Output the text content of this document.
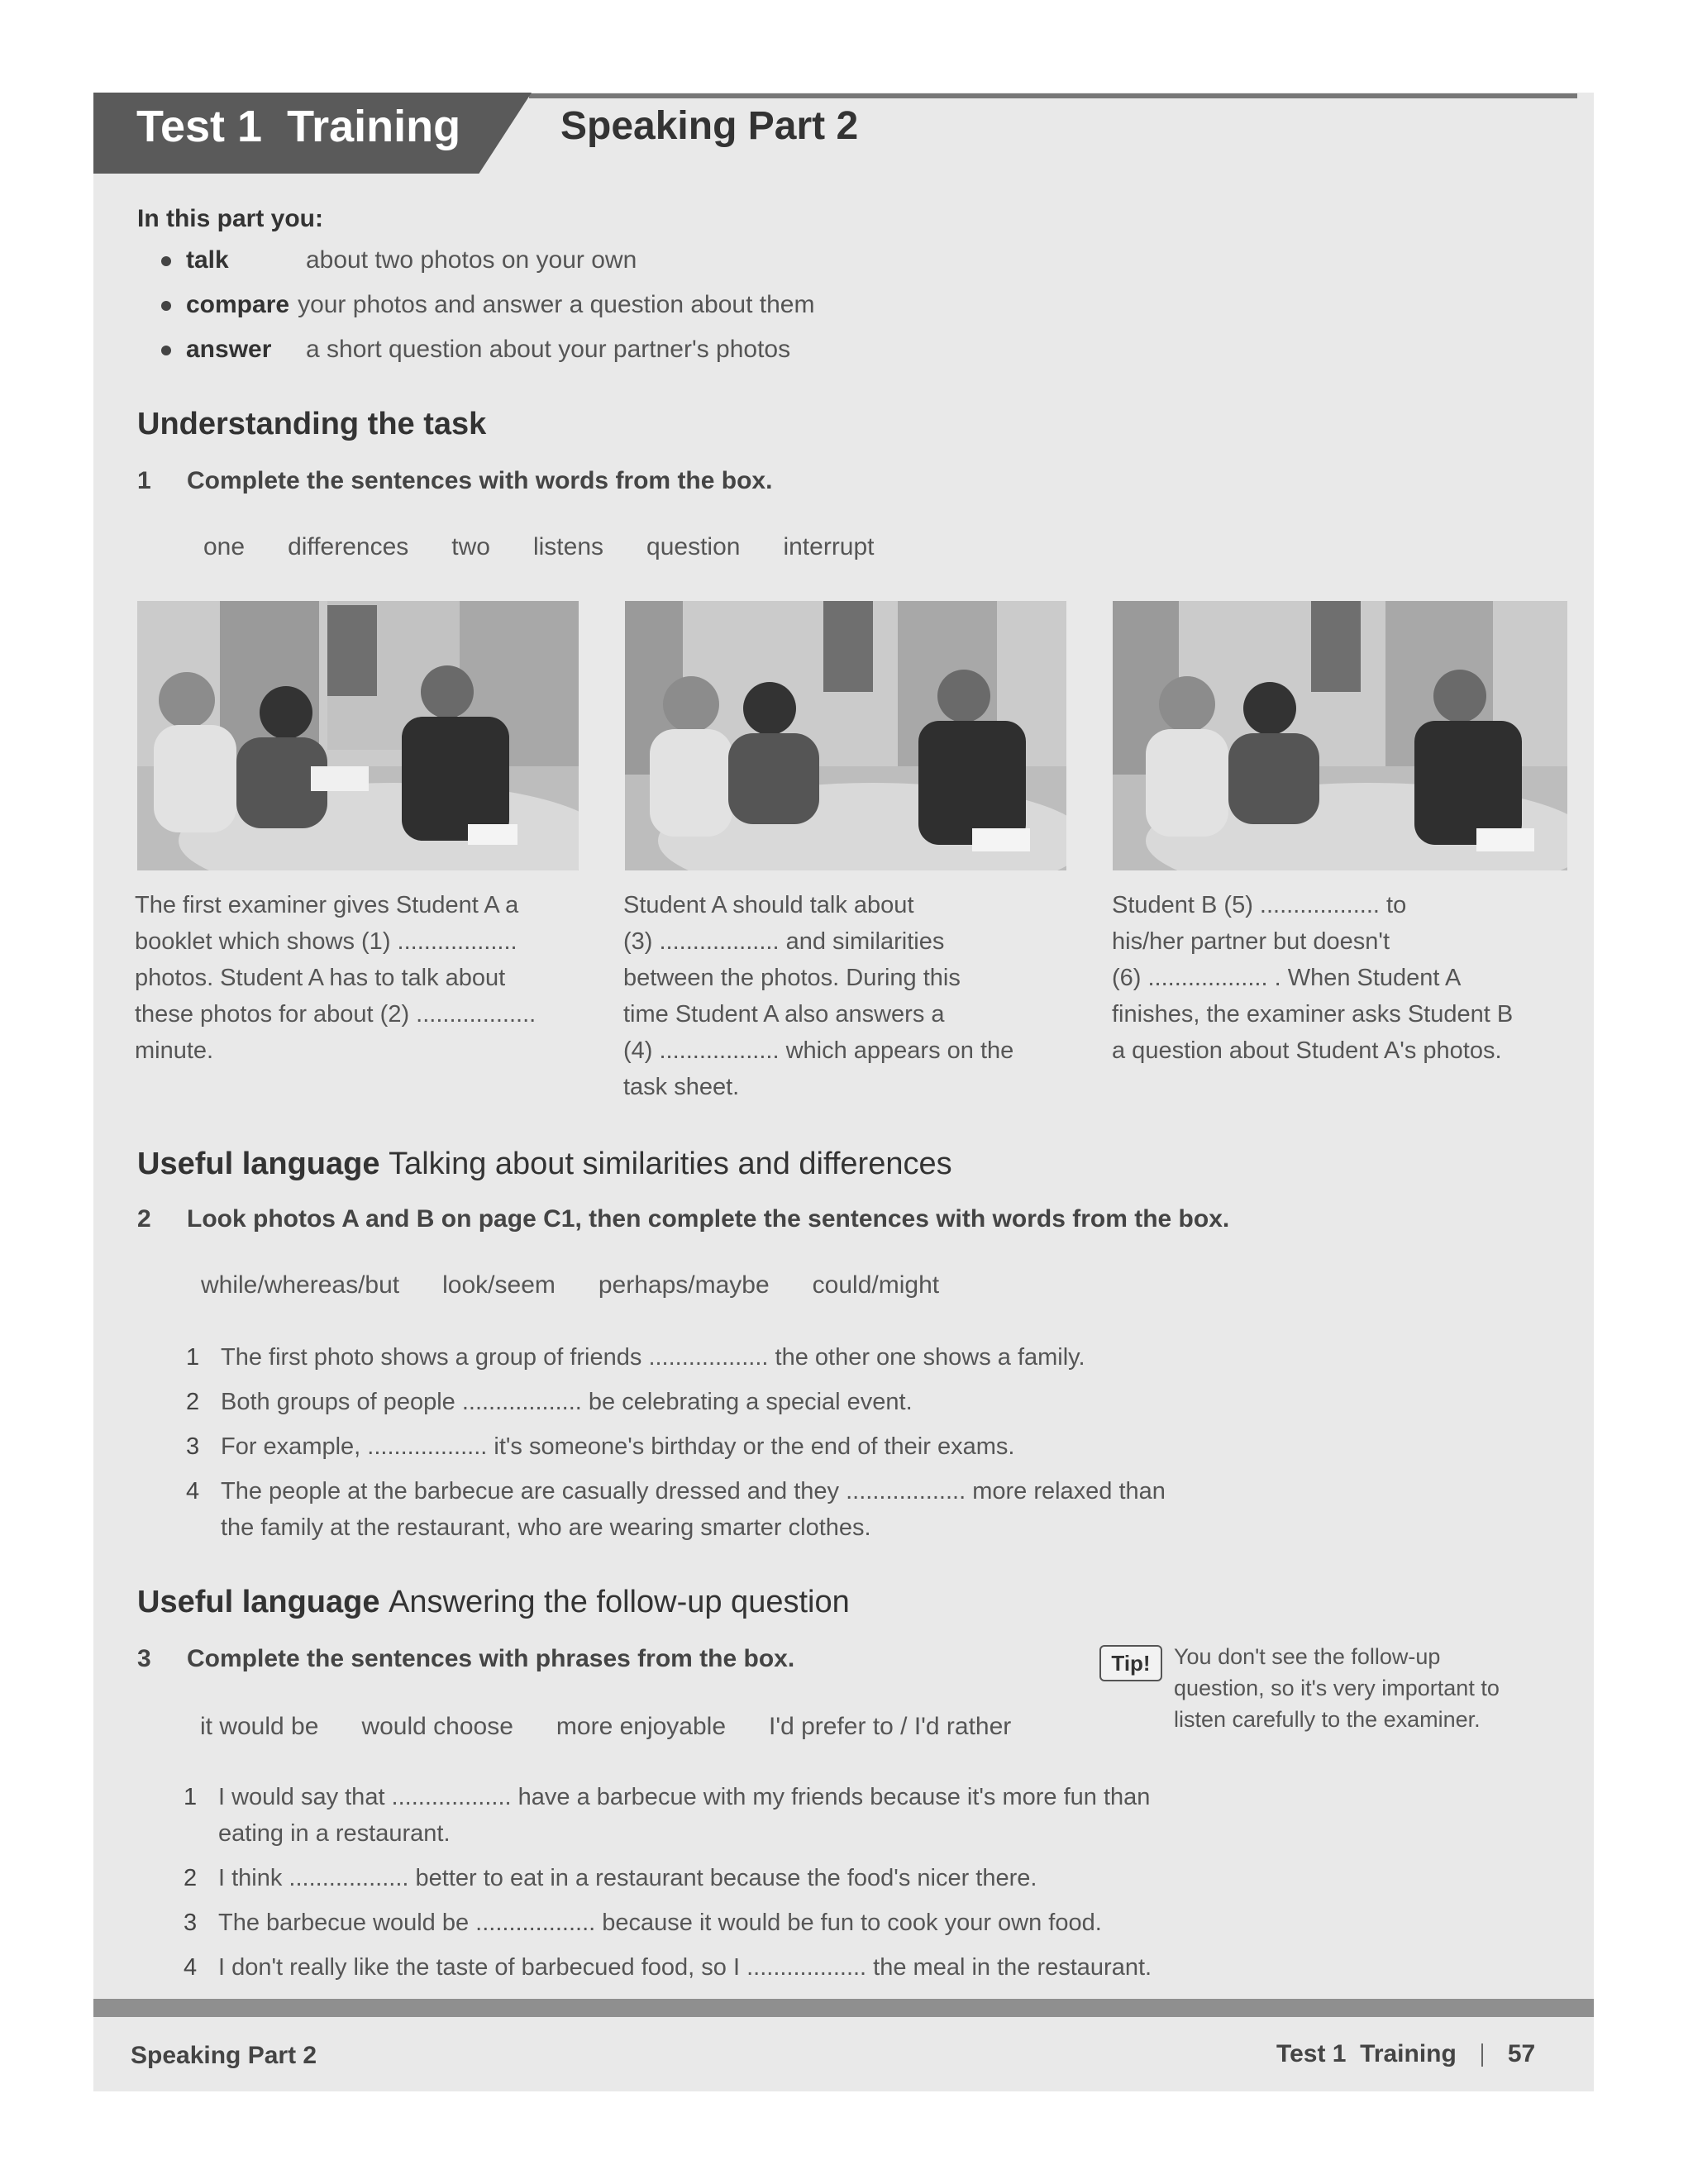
Test 1  Training	Speaking Part 2
In this part you:
talk	about two photos on your own
compare your photos and answer a question about them
answer a short question about your partner's photos
Understanding the task
1 Complete the sentences with words from the box.
one differences two listens question interrupt
The first examiner gives Student A a
booklet which shows (1) ..................
photos. Student A has to talk about
these photos for about (2) ..................
minute.
Student A should talk about
(3) .................. and similarities
between the photos. During this
time Student A also answers a
(4) .................. which appears on the
task sheet.
Student B (5) .................. to
his/her partner but doesn't
(6) .................. . When Student A
finishes, the examiner asks Student B
a question about Student A's photos.
Useful language Talking about similarities and differences
2 Look photos A and B on page C1, then complete the sentences with words from the box.
while/whereas/but look/seem perhaps/maybe could/might
1 The first photo shows a group of friends .................. the other one shows a family.
2 Both groups of people .................. be celebrating a special event.
3 For example, .................. it's someone's birthday or the end of their exams.
4 The people at the barbecue are casually dressed and they .................. more relaxed than
the family at the restaurant, who are wearing smarter clothes.
Useful language Answering the follow-up question
3 Complete the sentences with phrases from the box.	Tip!	You don't see the follow-up
question, so it's very important to
listen carefully to the examiner.
it would be would choose more enjoyable I'd prefer to / I'd rather
1 I would say that .................. have a barbecue with my friends because it's more fun than
eating in a restaurant.
2 I think .................. better to eat in a restaurant because the food's nicer there.
3 The barbecue would be .................. because it would be fun to cook your own food.
4 I don't really like the taste of barbecued food, so I .................. the meal in the restaurant.
Speaking Part 2	Test 1  Training 57
